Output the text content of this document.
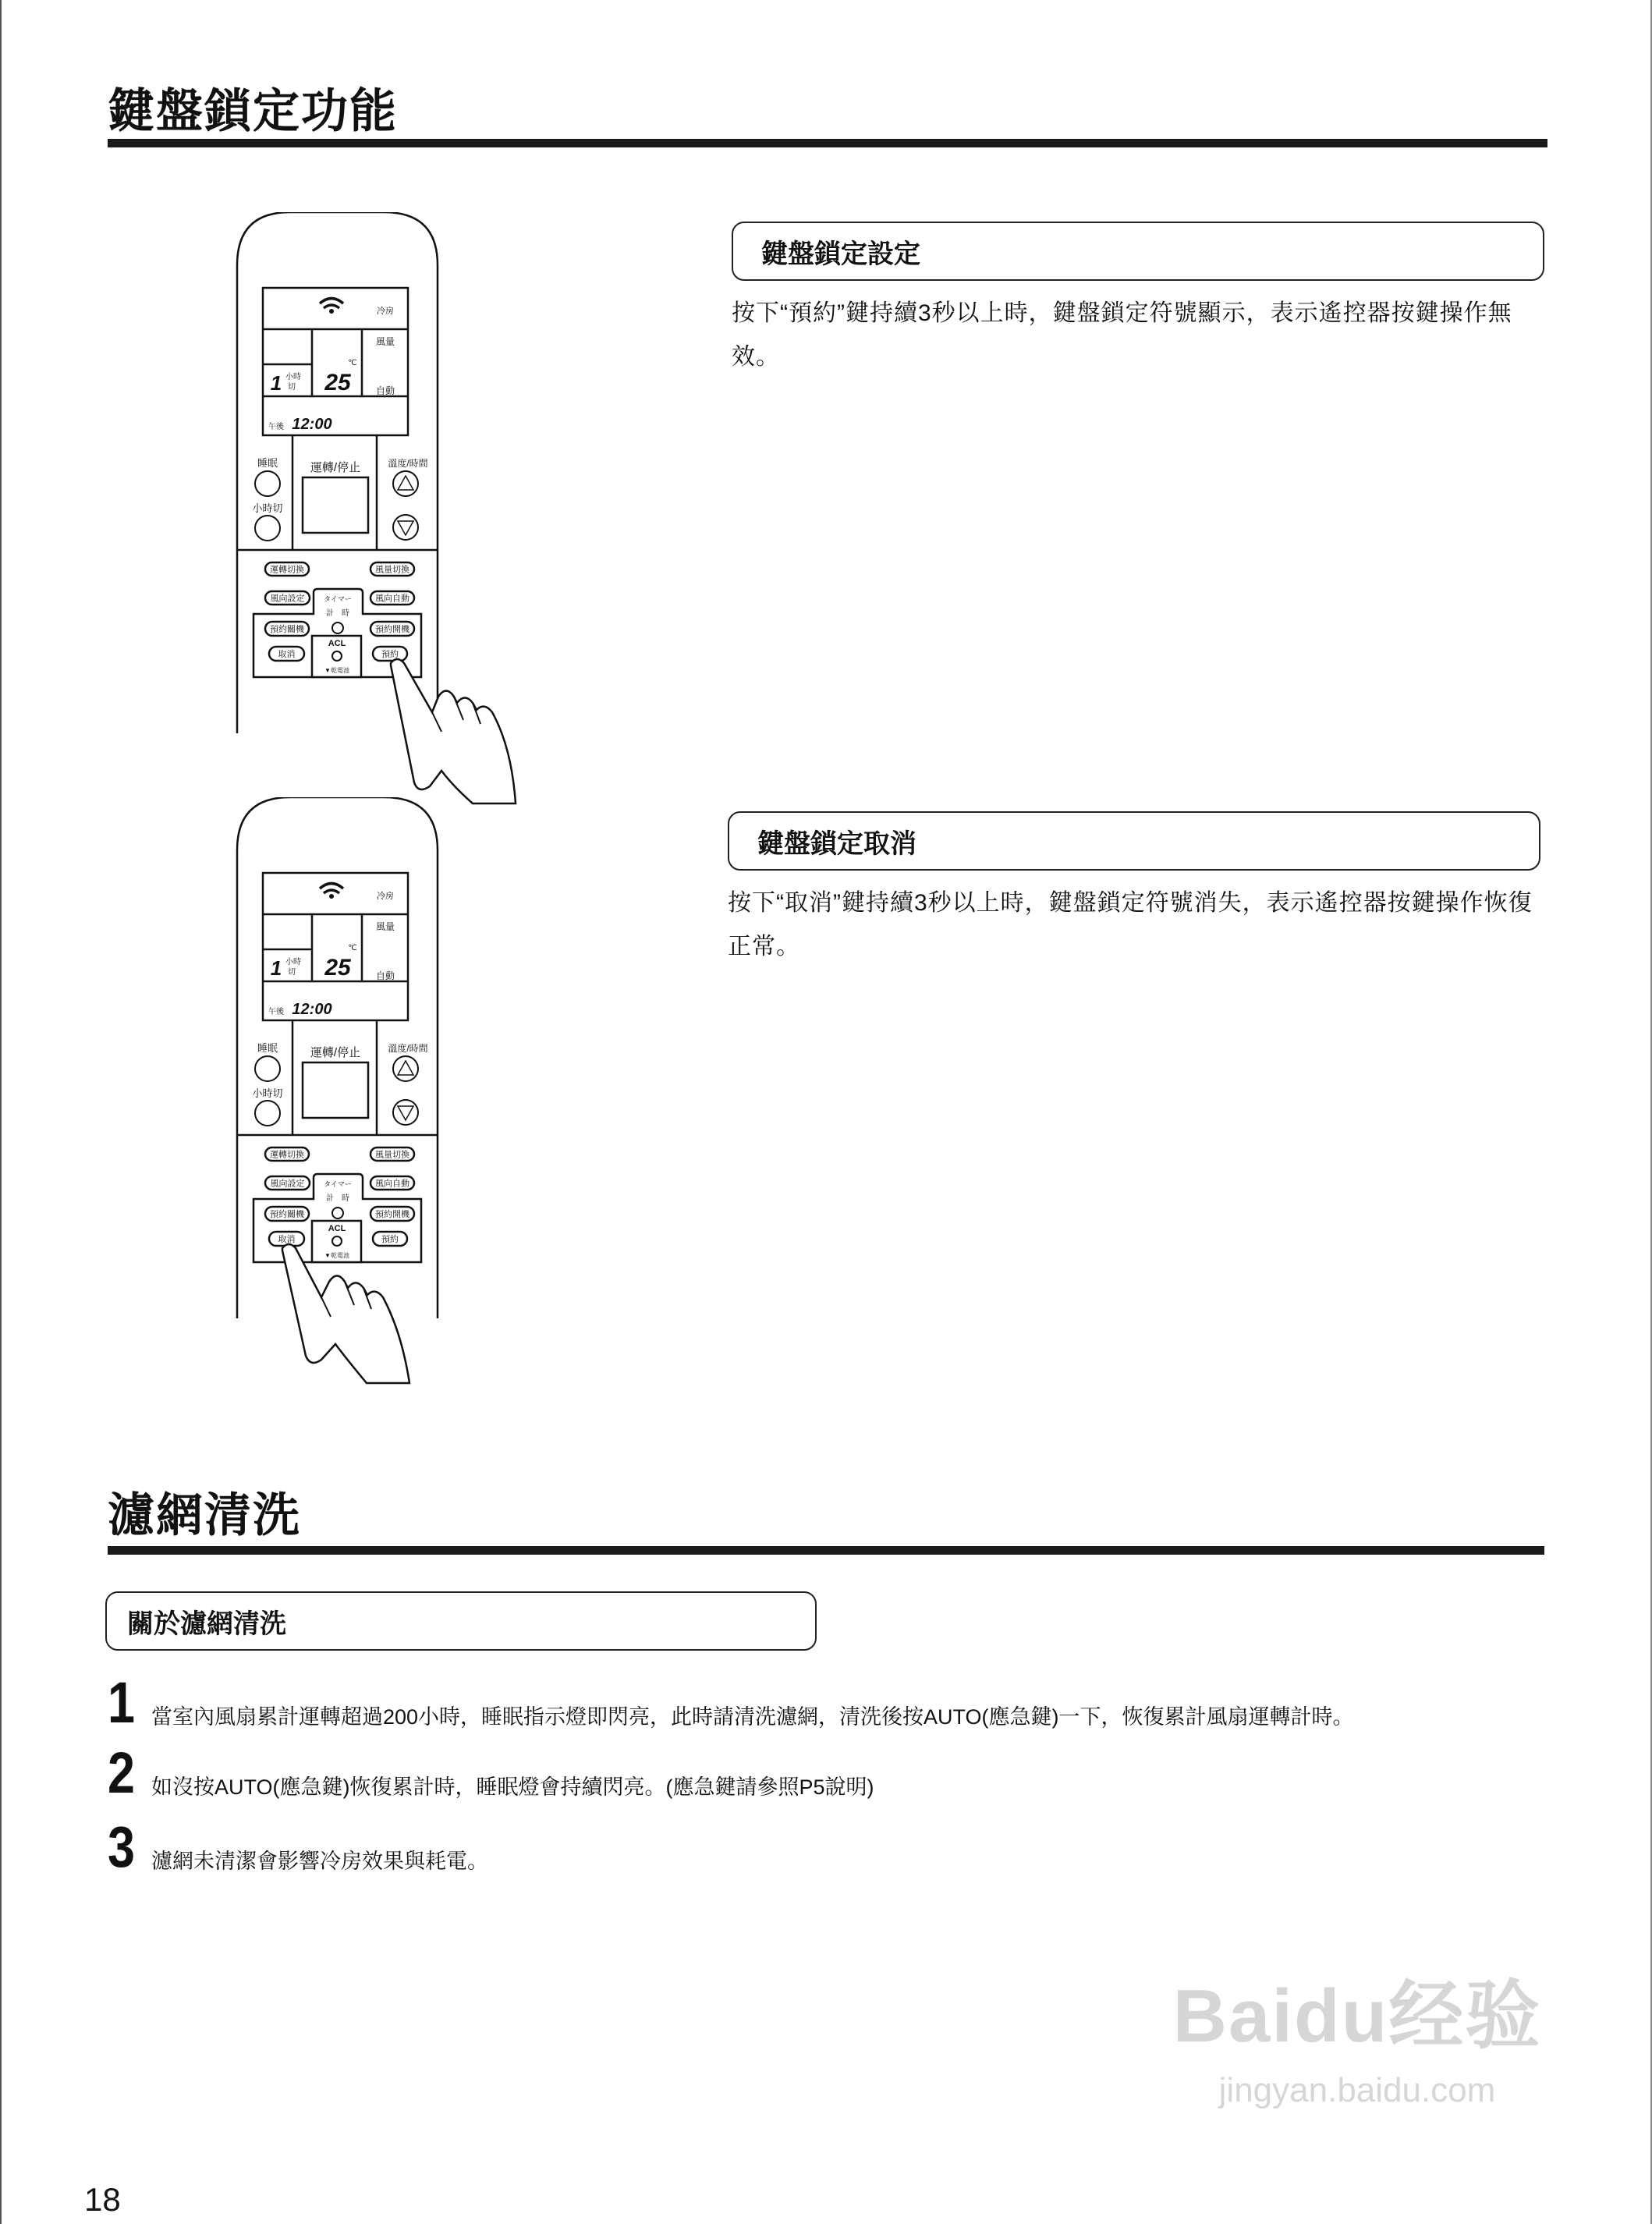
鍵盤鎖定功能
冷房
風量
自動
1 小時
切 25
℃
午後 12:00
睡眠
小時切
運轉/停止	溫度/時間
運轉切換	風量切換
風向設定	風向自動
タイマー
計　時
預約關機	預約開機
取消	預約
ACL
▼乾電池
冷房
風量
自動
1 小時
切 25
℃
午後 12:00
睡眠
小時切
運轉/停止	溫度/時間
運轉切換	風量切換
風向設定	風向自動
タイマー
計　時
預約關機	預約開機
取消	預約
ACL
▼乾電池
鍵盤鎖定設定
按下“預約”鍵持續3秒以上時，鍵盤鎖定符號顯示，表示遙控器按鍵操作無效。
鍵盤鎖定取消
按下“取消”鍵持續3秒以上時，鍵盤鎖定符號消失，表示遙控器按鍵操作恢復正常。
濾網清洗
關於濾網清洗
1 當室內風扇累計運轉超過200小時，睡眠指示燈即閃亮，此時請清洗濾網，清洗後按AUTO(應急鍵)一下，恢復累計風扇運轉計時。
2 如沒按AUTO(應急鍵)恢復累計時，睡眠燈會持續閃亮。(應急鍵請參照P5說明)
3 濾網未清潔會影響冷房效果與耗電。
Baidu经验
jingyan.baidu.com
18
